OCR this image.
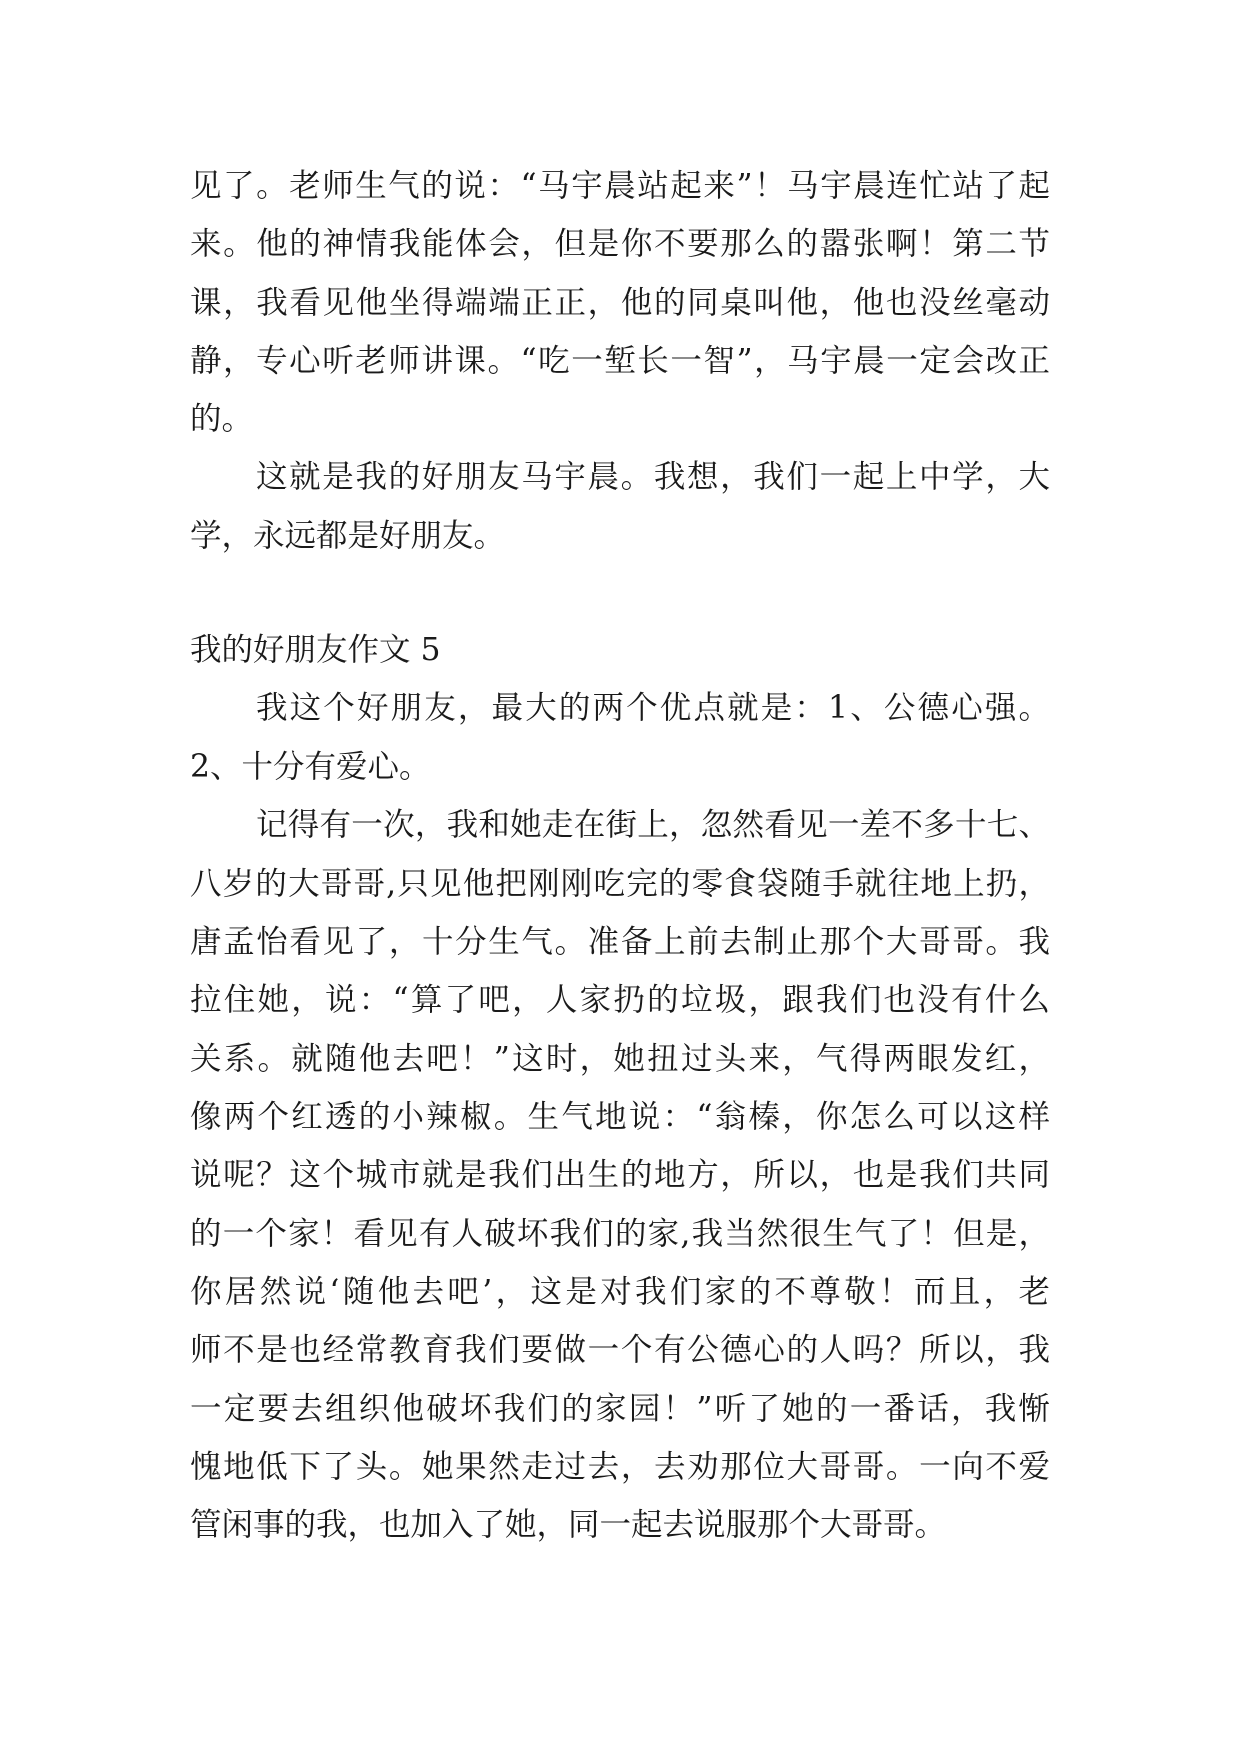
见了。老师生气的说：“马宇晨站起来”！马宇晨连忙站了起
来。他的神情我能体会，但是你不要那么的嚣张啊！第二节
课，我看见他坐得端端正正，他的同桌叫他，他也没丝毫动
静，专心听老师讲课。“吃一堑长一智”，马宇晨一定会改正
的。
这就是我的好朋友马宇晨。我想，我们一起上中学，大
学，永远都是好朋友。
我的好朋友作文 5
我这个好朋友，最大的两个优点就是：1、公德心强。
2、十分有爱心。
记得有一次，我和她走在街上，忽然看见一差不多十七、
八岁的大哥哥,只见他把刚刚吃完的零食袋随手就往地上扔，
唐孟怡看见了，十分生气。准备上前去制止那个大哥哥。我
拉住她，说：“算了吧，人家扔的垃圾，跟我们也没有什么
关系。就随他去吧！”这时，她扭过头来，气得两眼发红，
像两个红透的小辣椒。生气地说：“翁榛，你怎么可以这样
说呢？这个城市就是我们出生的地方，所以，也是我们共同
的一个家！看见有人破坏我们的家,我当然很生气了！但是，
你居然说‘随他去吧’，这是对我们家的不尊敬！而且，老
师不是也经常教育我们要做一个有公德心的人吗？所以，我
一定要去组织他破坏我们的家园！”听了她的一番话，我惭
愧地低下了头。她果然走过去，去劝那位大哥哥。一向不爱
管闲事的我，也加入了她，同一起去说服那个大哥哥。
